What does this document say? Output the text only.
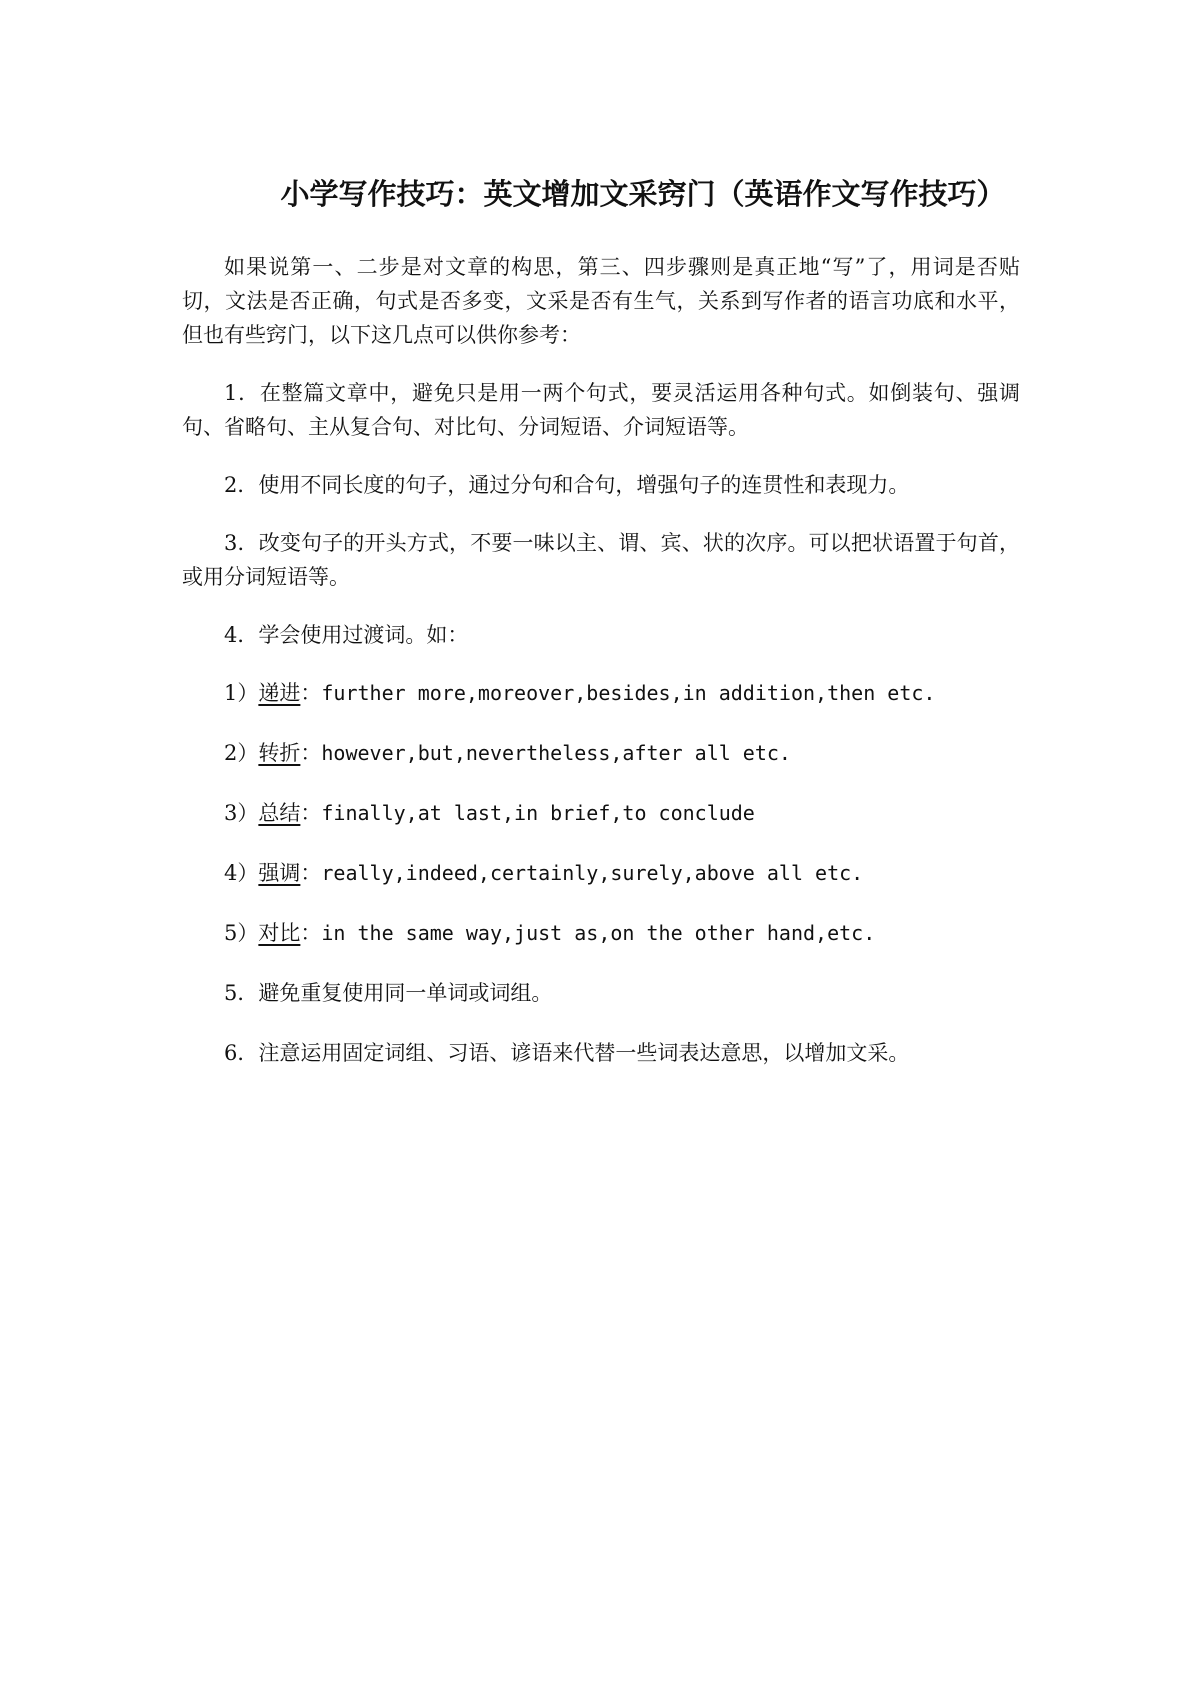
小学写作技巧：英文增加文采窍门（英语作文写作技巧）

如果说第一、二步是对文章的构思，第三、四步骤则是真正地“写”了，用词是否贴切，文法是否正确，句式是否多变，文采是否有生气，关系到写作者的语言功底和水平，但也有些窍门，以下这几点可以供你参考：

1．在整篇文章中，避免只是用一两个句式，要灵活运用各种句式。如倒装句、强调句、省略句、主从复合句、对比句、分词短语、介词短语等。

2．使用不同长度的句子，通过分句和合句，增强句子的连贯性和表现力。

3．改变句子的开头方式，不要一味以主、谓、宾、状的次序。可以把状语置于句首，或用分词短语等。

4．学会使用过渡词。如：

1）递进：further more,moreover,besides,in addition,then etc.

2）转折：however,but,nevertheless,after all etc.

3）总结：finally,at last,in brief,to conclude

4）强调：really,indeed,certainly,surely,above all etc.

5）对比：in the same way,just as,on the other hand,etc.

5．避免重复使用同一单词或词组。

6．注意运用固定词组、习语、谚语来代替一些词表达意思，以增加文采。
